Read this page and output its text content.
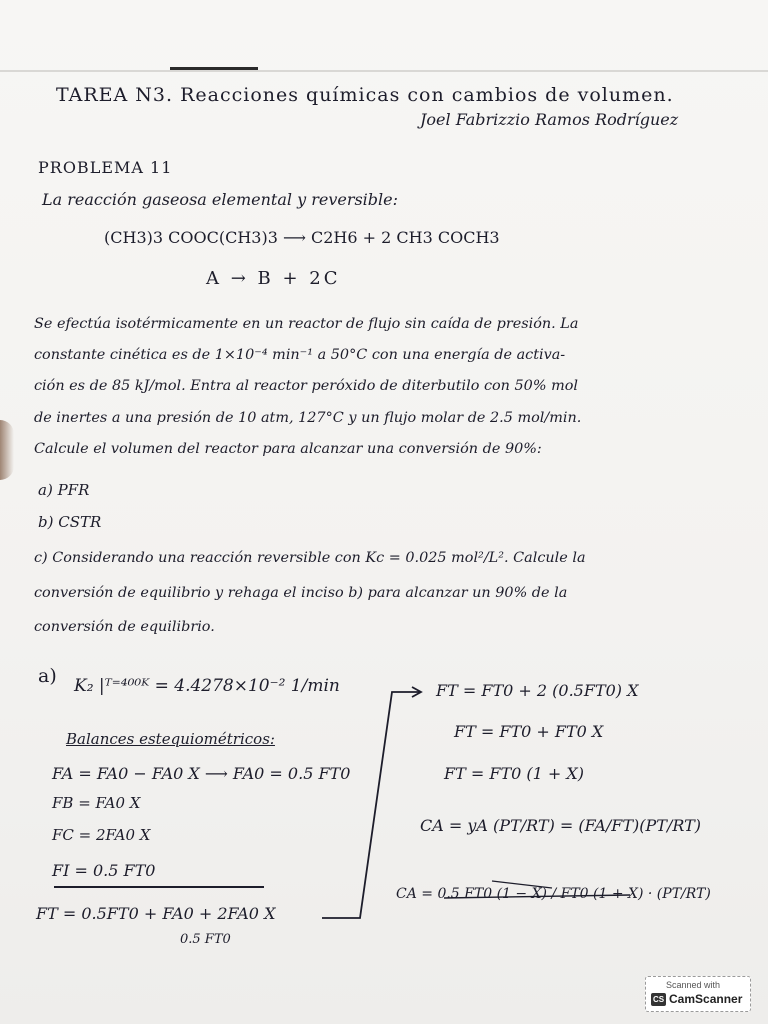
TAREA N3. Reacciones químicas con cambios de volumen.
Joel Fabrizzio Ramos Rodríguez
PROBLEMA 11
La reacción gaseosa elemental y reversible:
(CH3)3 COOC(CH3)3 ⟶ C2H6 + 2 CH3 COCH3
A → B + 2C
Se efectúa isotérmicamente en un reactor de flujo sin caída de presión. La
constante cinética es de 1×10⁻⁴ min⁻¹ a 50°C con una energía de activa-
ción es de 85 kJ/mol. Entra al reactor peróxido de diterbutilo con 50% mol
de inertes a una presión de 10 atm, 127°C y un flujo molar de 2.5 mol/min.
Calcule el volumen del reactor para alcanzar una conversión de 90%:
a) PFR
b) CSTR
c) Considerando una reacción reversible con Kc = 0.025 mol²/L². Calcule la
conversión de equilibrio y rehaga el inciso b) para alcanzar un 90% de la
conversión de equilibrio.
a) K₂ |ᵀ⁼⁴⁰⁰ᴷ = 4.4278×10⁻² 1/min
Balances estequiométricos:
FA = FA0 − FA0 X ⟶ FA0 = 0.5 FT0
FB = FA0 X
FC = 2FA0 X
FI = 0.5 FT0
FT = 0.5FT0 + FA0 + 2FA0 X
0.5 FT0
FT = FT0 + 2 (0.5FT0) X
FT = FT0 + FT0 X
FT = FT0 (1 + X)
CA = yA (PT/RT) = (FA/FT)(PT/RT)
CA = 0.5 FT0 (1 − X) / FT0 (1 + X) · (PT/RT)
Scanned with
CS CamScanner
